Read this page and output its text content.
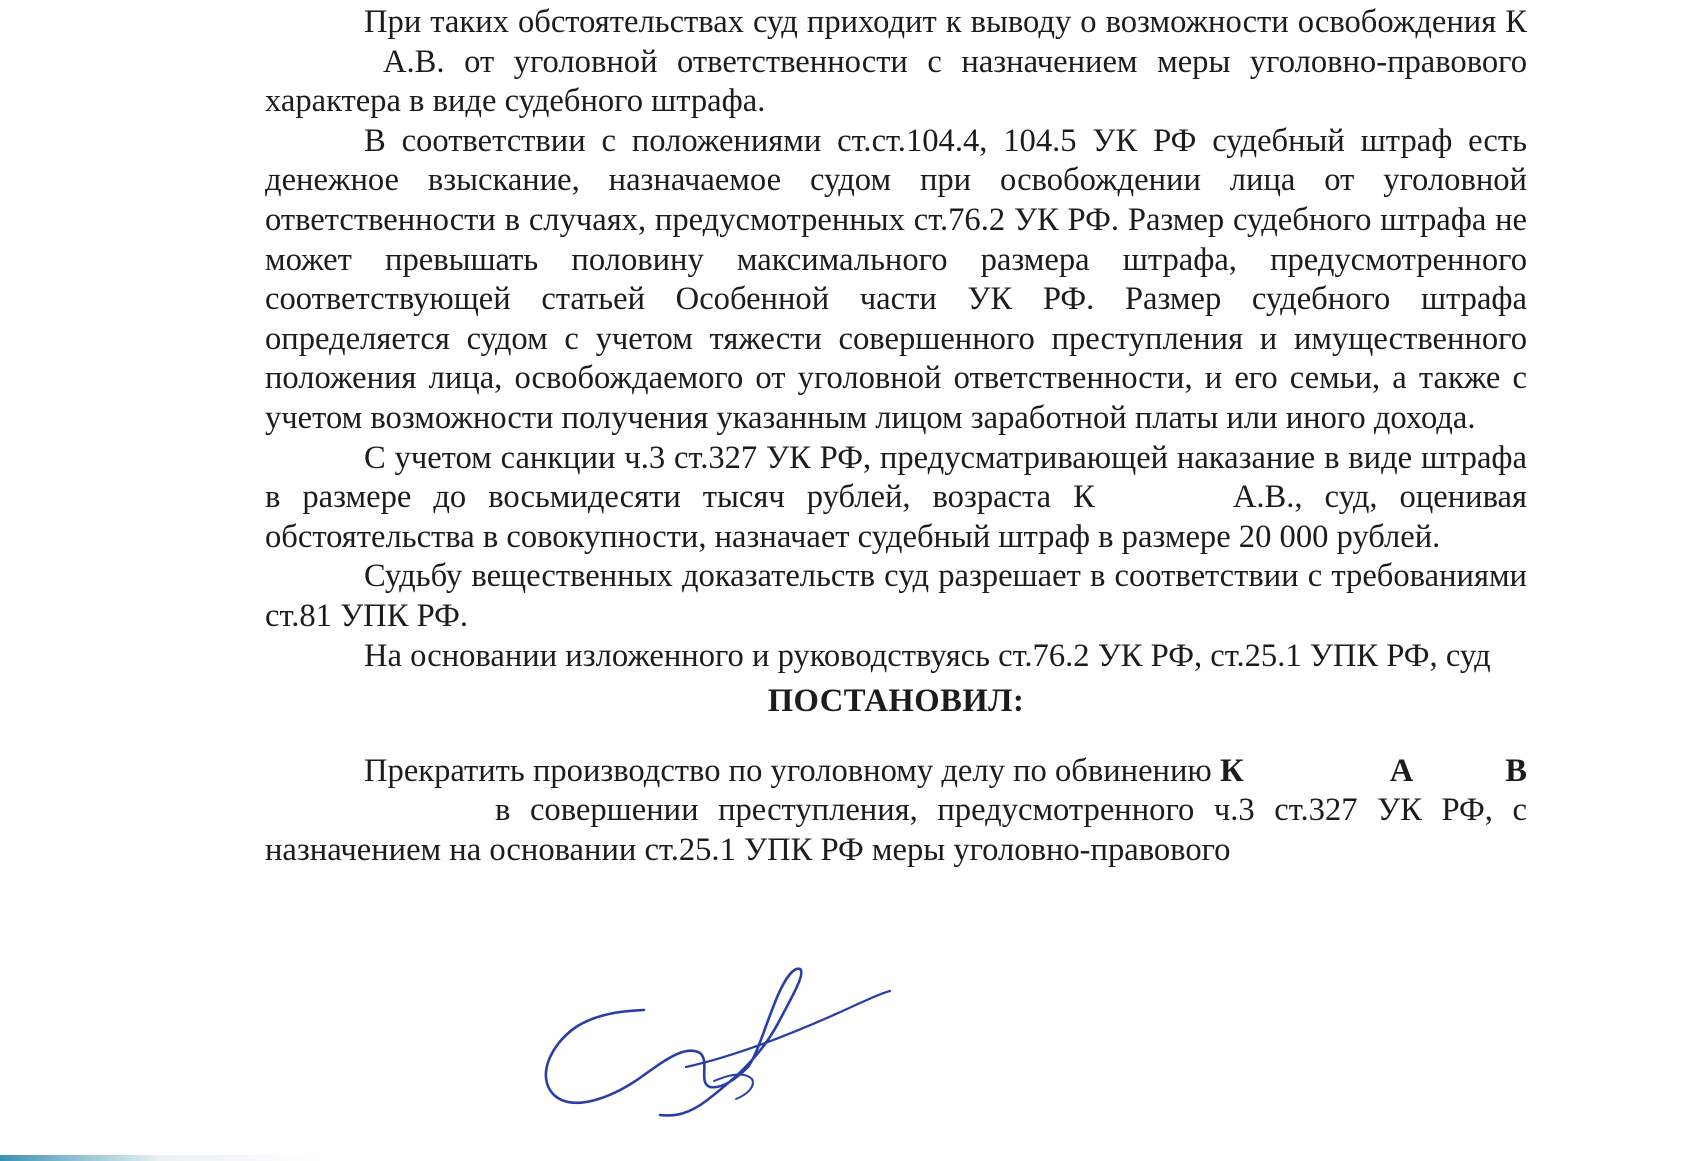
При таких обстоятельствах суд приходит к выводу о возможности освобождения КА.В. от уголовной ответственности с назначением меры уголовно-правового характера в виде судебного штрафа.

В соответствии с положениями ст.ст.104.4, 104.5 УК РФ судебный штраф есть денежное взыскание, назначаемое судом при освобождении лица от уголовной ответственности в случаях, предусмотренных ст.76.2 УК РФ. Размер судебного штрафа не может превышать половину максимального размера штрафа, предусмотренного соответствующей статьей Особенной части УК РФ. Размер судебного штрафа определяется судом с учетом тяжести совершенного преступления и имущественного положения лица, освобождаемого от уголовной ответственности, и его семьи, а также с учетом возможности получения указанным лицом заработной платы или иного дохода.

С учетом санкции ч.3 ст.327 УК РФ, предусматривающей наказание в виде штрафа в размере до восьмидесяти тысяч рублей, возраста К	А.В., суд, оценивая обстоятельства в совокупности, назначает судебный штраф в размере 20 000 рублей.

Судьбу вещественных доказательств суд разрешает в соответствии с требованиями ст.81 УПК РФ.

На основании изложенного и руководствуясь ст.76.2 УК РФ, ст.25.1 УПК РФ, суд

ПОСТАНОВИЛ:

Прекратить производство по уголовному делу по обвинению К	А	Вв совершении преступления, предусмотренного ч.3 ст.327 УК РФ, с назначением на основании ст.25.1 УПК РФ меры уголовно-правового
